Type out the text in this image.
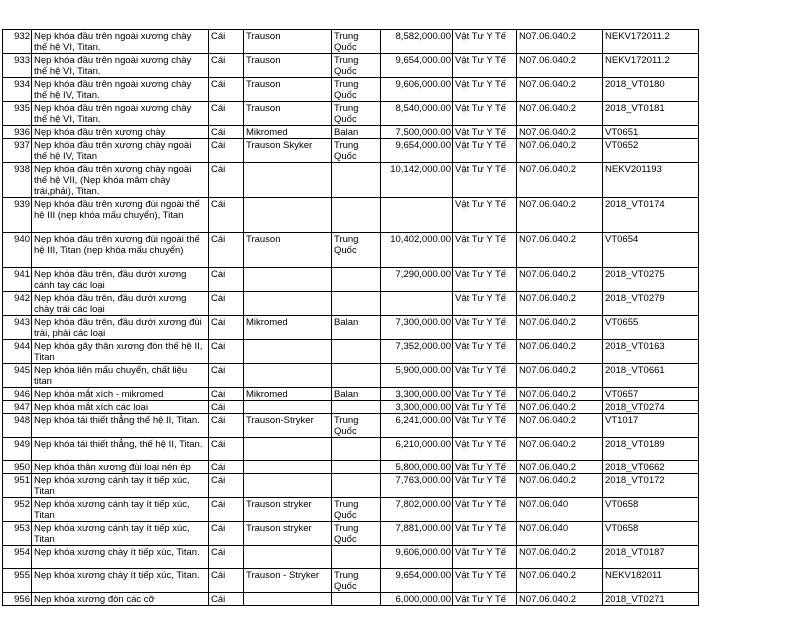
932	Nẹp khóa đầu trên ngoài xương chày thế hệ VI, Titan.	Cái	Trauson	Trung Quốc	8,582,000.00	Vật Tư Y Tế	N07.06.040.2	NEKV172011.2
933	Nẹp khóa đầu trên ngoài xương chày thế hệ VI, Titan.	Cái	Trauson	Trung Quốc	9,654,000.00	Vật Tư Y Tế	N07.06.040.2	NEKV172011.2
934	Nẹp khóa đầu trên ngoài xương chày thế hệ IV, Titan.	Cái	Trauson	Trung Quốc	9,606,000.00	Vật Tư Y Tế	N07.06.040.2	2018_VT0180
935	Nẹp khóa đầu trên ngoài xương chày thế hệ VI, Titan.	Cái	Trauson	Trung Quốc	8,540,000.00	Vật Tư Y Tế	N07.06.040.2	2018_VT0181
936	Nẹp khóa đầu trên xương chày	Cái	Mikromed	Balan	7,500,000.00	Vật Tư Y Tế	N07.06.040.2	VT0651
937	Nẹp khóa đầu trên xương chày ngoài thế hệ IV, Titan	Cái	Trauson Skyker	Trung Quốc	9,654,000.00	Vật Tư Y Tế	N07.06.040.2	VT0652
938	Nẹp khóa đầu trên xương chày ngoài thế hệ VII, (Nẹp khóa mâm chày trái,phải), Titan.	Cái			10,142,000.00	Vật Tư Y Tế	N07.06.040.2	NEKV201193
939	Nẹp khóa đầu trên xương đùi ngoài thế hệ III (nẹp khóa mấu chuyển), Titan	Cái				Vật Tư Y Tế	N07.06.040.2	2018_VT0174
940	Nẹp khóa đầu trên xương đùi ngoài thế hệ III, Titan (nẹp khóa mấu chuyển)	Cái	Trauson	Trung Quốc	10,402,000.00	Vật Tư Y Tế	N07.06.040.2	VT0654
941	Nẹp khóa đầu trên, đầu dưới xương cánh tay các loại	Cái			7,290,000.00	Vật Tư Y Tế	N07.06.040.2	2018_VT0275
942	Nẹp khóa đầu trên, đầu dưới xương chày trái các loại	Cái				Vật Tư Y Tế	N07.06.040.2	2018_VT0279
943	Nẹp khóa đầu trên, đầu dưới xương đùi trái, phải các loại	Cái	Mikromed	Balan	7,300,000.00	Vật Tư Y Tế	N07.06.040.2	VT0655
944	Nẹp khóa gãy thân xương đòn thế hệ II, Titan	Cái			7,352,000.00	Vật Tư Y Tế	N07.06.040.2	2018_VT0163
945	Nẹp khóa liên mấu chuyển, chất liệu titan	Cái			5,900,000.00	Vật Tư Y Tế	N07.06.040.2	2018_VT0661
946	Nẹp khóa mắt xích - mikromed	Cái	Mikromed	Balan	3,300,000.00	Vật Tư Y Tế	N07.06.040.2	VT0657
947	Nẹp khóa mắt xích các loại	Cái			3,300,000.00	Vật Tư Y Tế	N07.06.040.2	2018_VT0274
948	Nẹp khóa tái thiết thẳng thế hệ II, Titan.	Cái	Trauson-Stryker	Trung Quốc	6,241,000.00	Vật Tư Y Tế	N07.06.040.2	VT1017
949	Nẹp khóa tái thiết thẳng, thế hệ II, Titan.	Cái			6,210,000.00	Vật Tư Y Tế	N07.06.040.2	2018_VT0189
950	Nẹp khóa thân xương đùi loại nén ép	Cái			5,800,000.00	Vật Tư Y Tế	N07.06.040.2	2018_VT0662
951	Nẹp khóa xương cánh tay ít tiếp xúc, Titan	Cái			7,763,000.00	Vật Tư Y Tế	N07.06.040.2	2018_VT0172
952	Nẹp khóa xương cánh tay ít tiếp xúc, Titan	Cái	Trauson stryker	Trung Quốc	7,802,000.00	Vật Tư Y Tế	N07.06.040	VT0658
953	Nẹp khóa xương cánh tay ít tiếp xúc, Titan	Cái	Trauson stryker	Trung Quốc	7,881,000.00	Vật Tư Y Tế	N07.06.040	VT0658
954	Nẹp khóa xương chày ít tiếp xúc, Titan.	Cái			9,606,000.00	Vật Tư Y Tế	N07.06.040.2	2018_VT0187
955	Nẹp khóa xương chày ít tiếp xúc, Titan.	Cái	Trauson - Stryker	Trung Quốc	9,654,000.00	Vật Tư Y Tế	N07.06.040.2	NEKV182011
956	Nẹp khóa xương đòn các cỡ	Cái			6,000,000.00	Vật Tư Y Tế	N07.06.040.2	2018_VT0271
